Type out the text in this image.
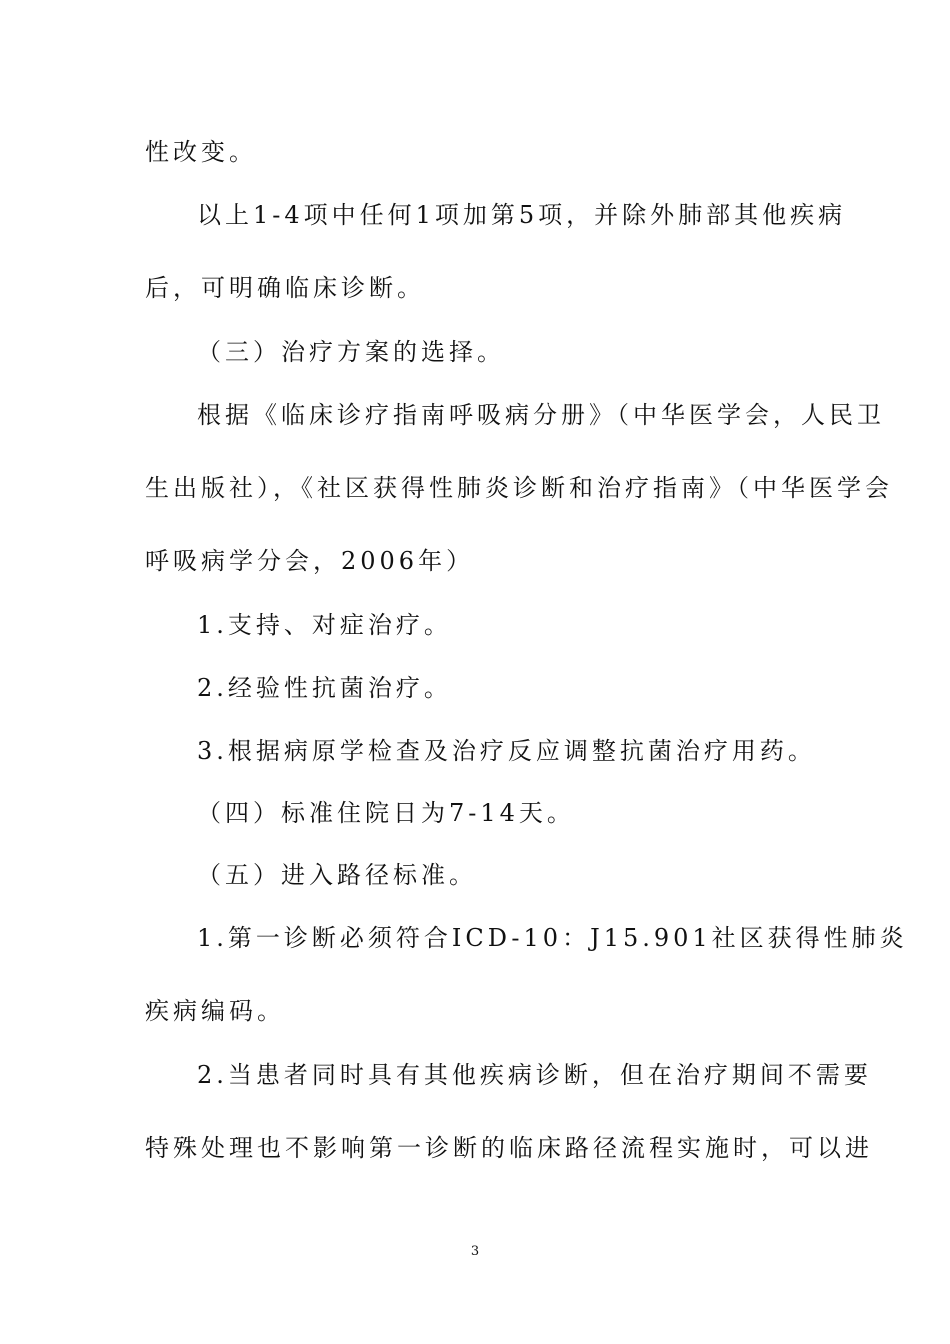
性改变。
以上1-4项中任何1项加第5项，并除外肺部其他疾病
后，可明确临床诊断。
（三）治疗方案的选择。
根据《临床诊疗指南呼吸病分册》（中华医学会，人民卫
生出版社），《社区获得性肺炎诊断和治疗指南》（中华医学会
呼吸病学分会，2006年）
1.支持、对症治疗。
2.经验性抗菌治疗。
3.根据病原学检查及治疗反应调整抗菌治疗用药。
（四）标准住院日为7-14天。
（五）进入路径标准。
1.第一诊断必须符合ICD-10：J15.901社区获得性肺炎
疾病编码。
2.当患者同时具有其他疾病诊断，但在治疗期间不需要
特殊处理也不影响第一诊断的临床路径流程实施时，可以进
3
